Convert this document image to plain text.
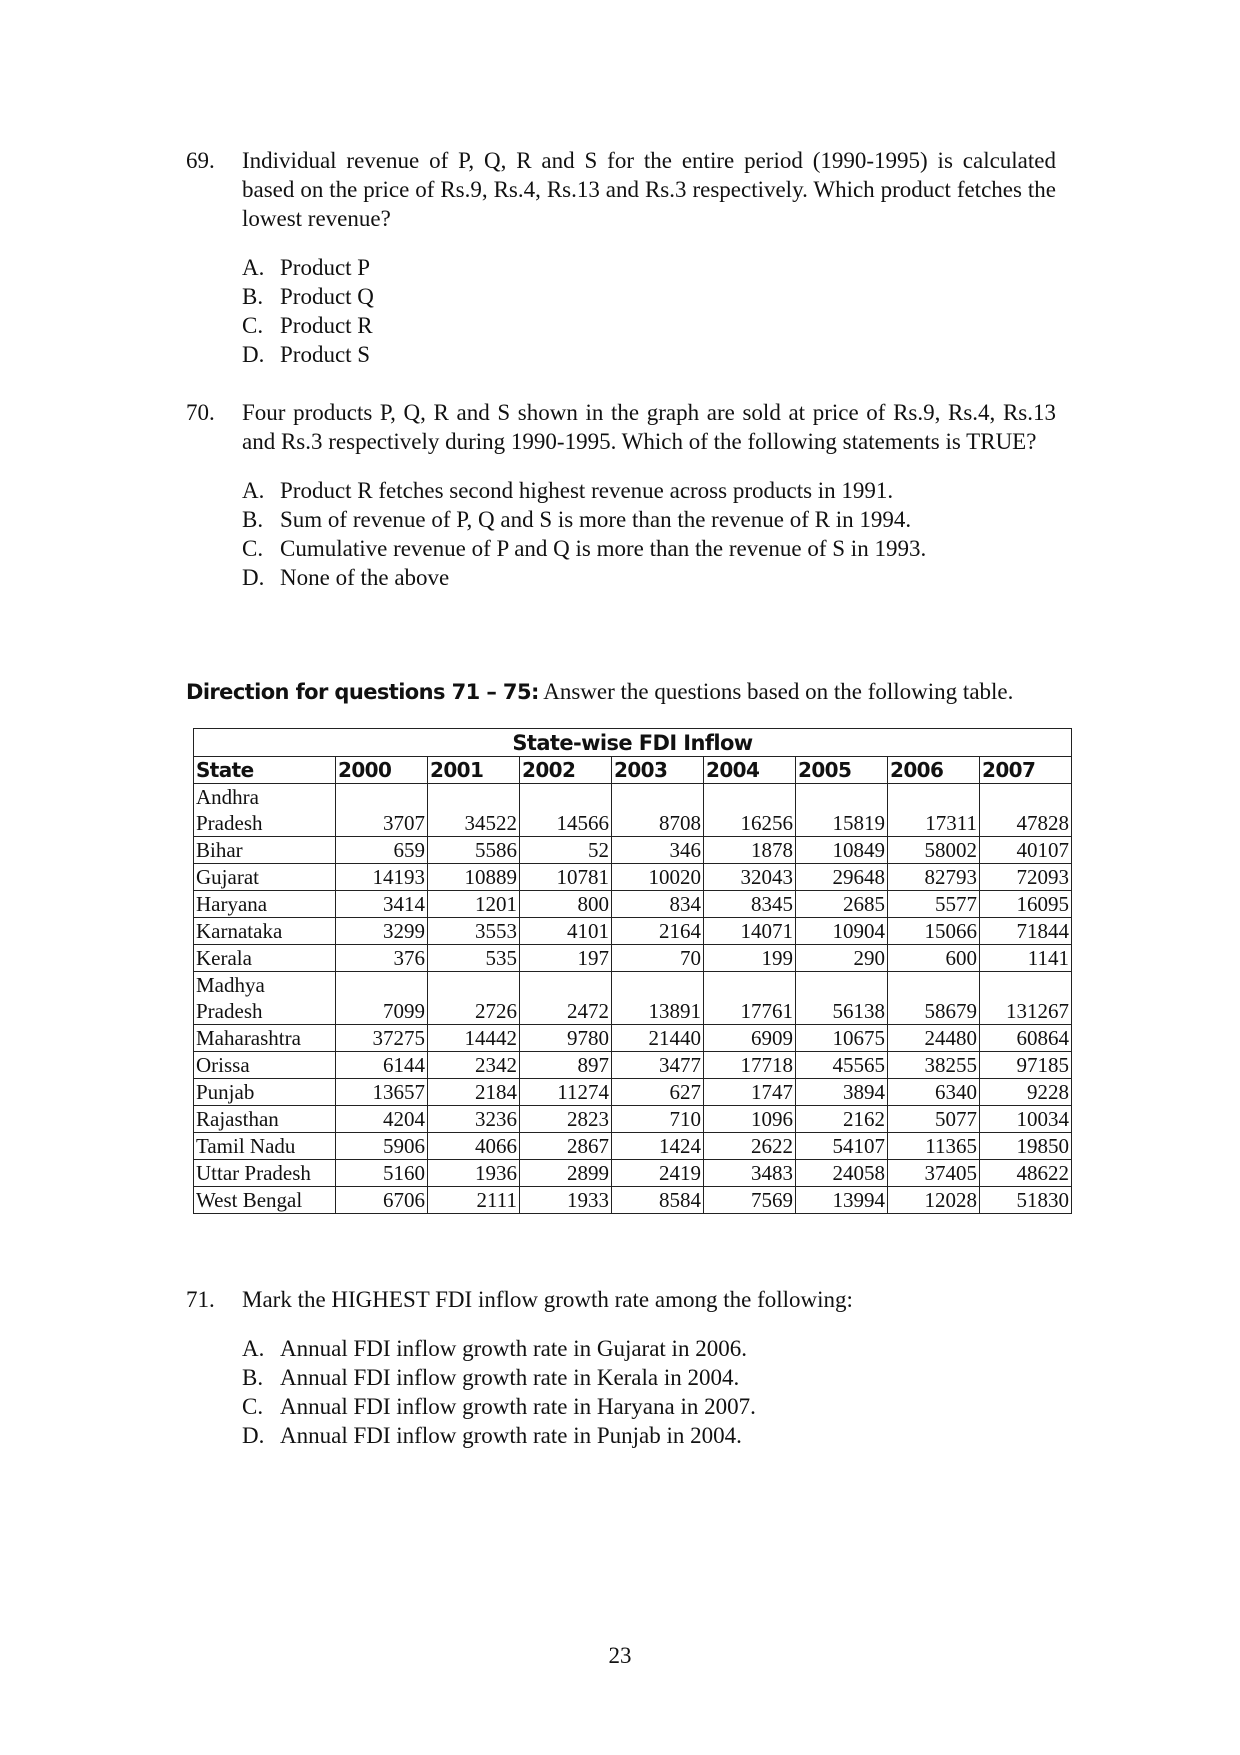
69.	Individual revenue of P, Q, R and S for the entire period (1990-1995) is calculated based on the price of Rs.9, Rs.4, Rs.13 and Rs.3 respectively. Which product fetches the lowest revenue?
A. Product P
B. Product Q
C. Product R
D. Product S
70.	Four products P, Q, R and S shown in the graph are sold at price of Rs.9, Rs.4, Rs.13 and Rs.3 respectively during 1990-1995. Which of the following statements is TRUE?
A. Product R fetches second highest revenue across products in 1991.
B. Sum of revenue of P, Q and S is more than the revenue of R in 1994.
C. Cumulative revenue of P and Q is more than the revenue of S in 1993.
D. None of the above
Direction for questions 71 – 75: Answer the questions based on the following table.
State-wise FDI Inflow								
State	2000	2001	2002	2003	2004	2005	2006	2007
Andhra
Pradesh	3707	34522	14566	8708	16256	15819	17311	47828
Bihar	659	5586	52	346	1878	10849	58002	40107
Gujarat	14193	10889	10781	10020	32043	29648	82793	72093
Haryana	3414	1201	800	834	8345	2685	5577	16095
Karnataka	3299	3553	4101	2164	14071	10904	15066	71844
Kerala	376	535	197	70	199	290	600	1141
Madhya
Pradesh	7099	2726	2472	13891	17761	56138	58679	131267
Maharashtra	37275	14442	9780	21440	6909	10675	24480	60864
Orissa	6144	2342	897	3477	17718	45565	38255	97185
Punjab	13657	2184	11274	627	1747	3894	6340	9228
Rajasthan	4204	3236	2823	710	1096	2162	5077	10034
Tamil Nadu	5906	4066	2867	1424	2622	54107	11365	19850
Uttar Pradesh	5160	1936	2899	2419	3483	24058	37405	48622
West Bengal	6706	2111	1933	8584	7569	13994	12028	51830
71.	Mark the HIGHEST FDI inflow growth rate among the following:
A. Annual FDI inflow growth rate in Gujarat in 2006.
B. Annual FDI inflow growth rate in Kerala in 2004.
C. Annual FDI inflow growth rate in Haryana in 2007.
D. Annual FDI inflow growth rate in Punjab in 2004.
23
